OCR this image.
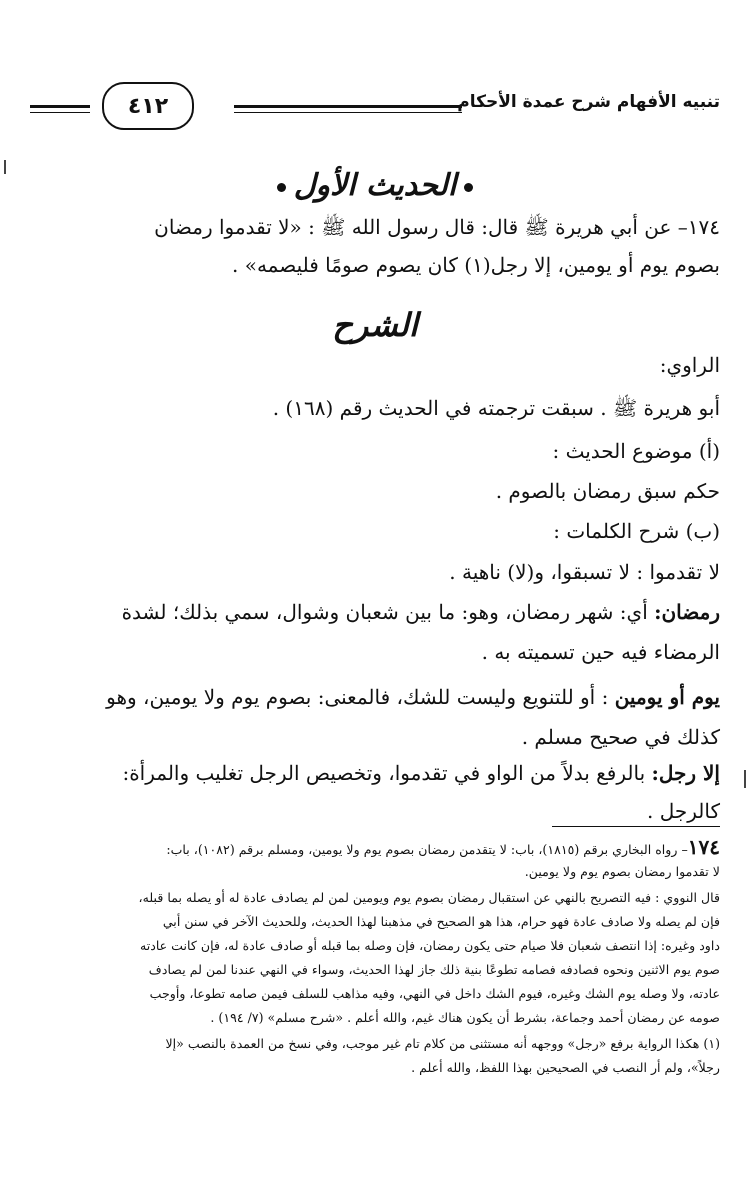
تنبيه الأفهام شرح عمدة الأحكام
٤١٢
الحديث الأول
١٧٤– عن أبي هريرة ﷺ قال: قال رسول الله ﷺ : «لا تقدموا رمضان
بصوم يوم أو يومين، إلا رجل(١) كان يصوم صومًا فليصمه» .
الشرح
الراوي:
أبو هريرة ﷺ . سبقت ترجمته في الحديث رقم (١٦٨) .
(أ) موضوع الحديث :
حكم سبق رمضان بالصوم .
(ب) شرح الكلمات :
لا تقدموا : لا تسبقوا، و(لا) ناهية .
رمضان: أي: شهر رمضان، وهو: ما بين شعبان وشوال، سمي بذلك؛ لشدة
الرمضاء فيه حين تسميته به .
يوم أو يومين : أو للتنويع وليست للشك، فالمعنى: بصوم يوم ولا يومين، وهو
كذلك في صحيح مسلم .
إلا رجل: بالرفع بدلاً من الواو في تقدموا، وتخصيص الرجل تغليب والمرأة:
كالرجل .
١٧٤– رواه البخاري برقم (١٨١٥)، باب: لا يتقدمن رمضان بصوم يوم ولا يومين، ومسلم برقم (١٠٨٢)، باب:
لا تقدموا رمضان بصوم يوم ولا يومين.
قال النووي : فيه التصريح بالنهي عن استقبال رمضان بصوم يوم ويومين لمن لم يصادف عادة له أو يصله بما قبله،
فإن لم يصله ولا صادف عادة فهو حرام، هذا هو الصحيح في مذهبنا لهذا الحديث، وللحديث الآخر في سنن أبي
داود وغيره: إذا انتصف شعبان فلا صيام حتى يكون رمضان، فإن وصله بما قبله أو صادف عادة له، فإن كانت عادته
صوم يوم الاثنين ونحوه فصادفه فصامه تطوعًا بنية ذلك جاز لهذا الحديث، وسواء في النهي عندنا لمن لم يصادف
عادته، ولا وصله يوم الشك وغيره، فيوم الشك داخل في النهي، وفيه مذاهب للسلف فيمن صامه تطوعا، وأوجب
صومه عن رمضان أحمد وجماعة، بشرط أن يكون هناك غيم، والله أعلم . «شرح مسلم» (٧/ ١٩٤) .
(١) هكذا الرواية برفع «رجل» ووجهه أنه مستثنى من كلام تام غير موجب، وفي نسخ من العمدة بالنصب «إلا
رجلاً»، ولم أر النصب في الصحيحين بهذا اللفظ، والله أعلم .
